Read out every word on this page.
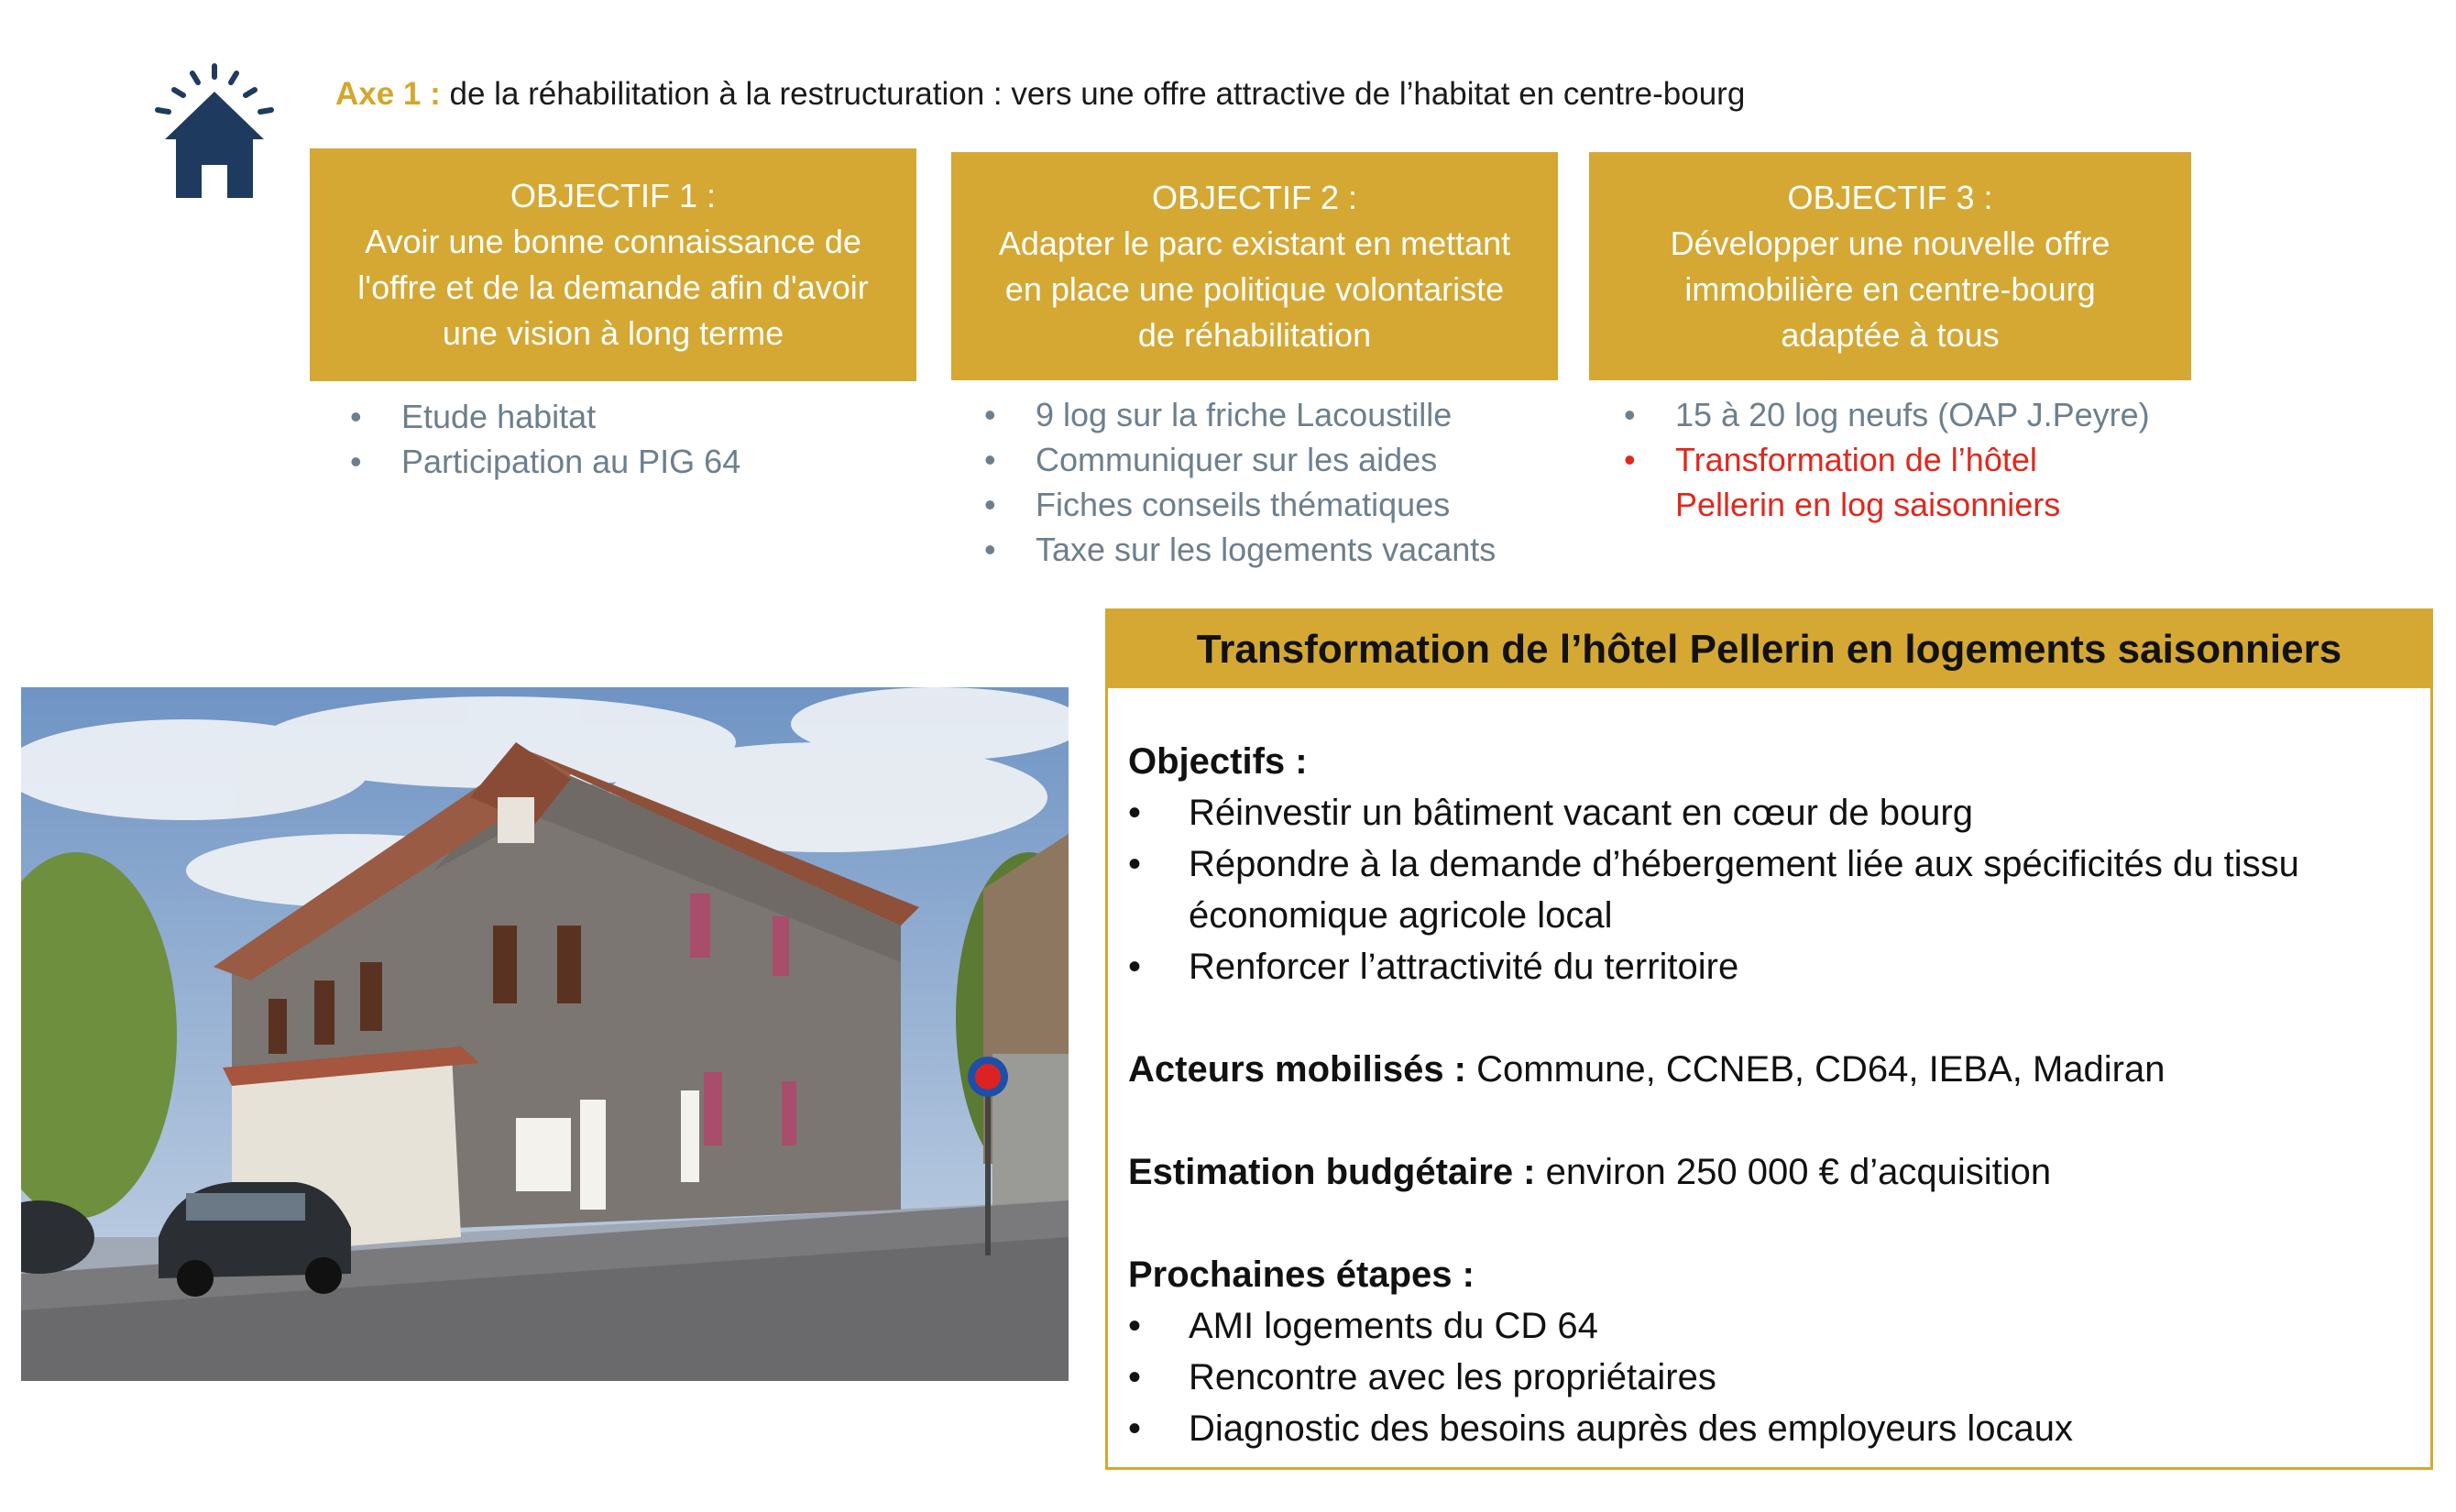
Axe 1 : de la réhabilitation à la restructuration : vers une offre attractive de l’habitat en centre-bourg
OBJECTIF 1 :
Avoir une bonne connaissance de
l'offre et de la demande afin d'avoir
une vision à long terme
OBJECTIF 2 :
Adapter le parc existant en mettant
en place une politique volontariste
de réhabilitation
OBJECTIF 3 :
Développer une nouvelle offre
immobilière en centre-bourg
adaptée à tous
• Etude habitat
• Participation au PIG 64
• 9 log sur la friche Lacoustille
• Communiquer sur les aides
• Fiches conseils thématiques
• Taxe sur les logements vacants
• 15 à 20 log neufs (OAP J.Peyre)
• Transformation de l’hôtel
Pellerin en log saisonniers
Transformation de l’hôtel Pellerin en logements saisonniers
Objectifs :
• Réinvestir un bâtiment vacant en cœur de bourg
• Répondre à la demande d’hébergement liée aux spécificités du tissu
économique agricole local
• Renforcer l’attractivité du territoire
Acteurs mobilisés : Commune, CCNEB, CD64, IEBA, Madiran
Estimation budgétaire : environ 250 000 € d’acquisition
Prochaines étapes :
• AMI logements du CD 64
• Rencontre avec les propriétaires
• Diagnostic des besoins auprès des employeurs locaux
